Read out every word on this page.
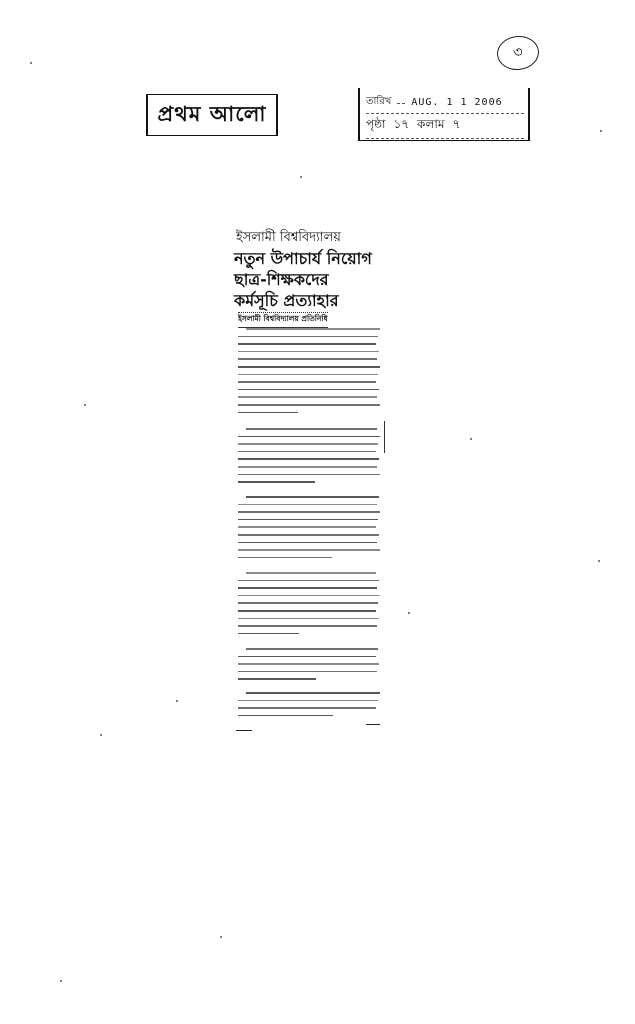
৩
প্রথম আলো	তারিখ AUG. 1 1 2006
পৃষ্ঠা ১৭ কলাম ৭
ইসলামী বিশ্ববিদ্যালয়
নতুন উপাচার্য নিয়োগ
ছাত্র-শিক্ষকদের
কর্মসূচি প্রত্যাহার
ইসলামী বিশ্ববিদ্যালয় প্রতিনিধি
